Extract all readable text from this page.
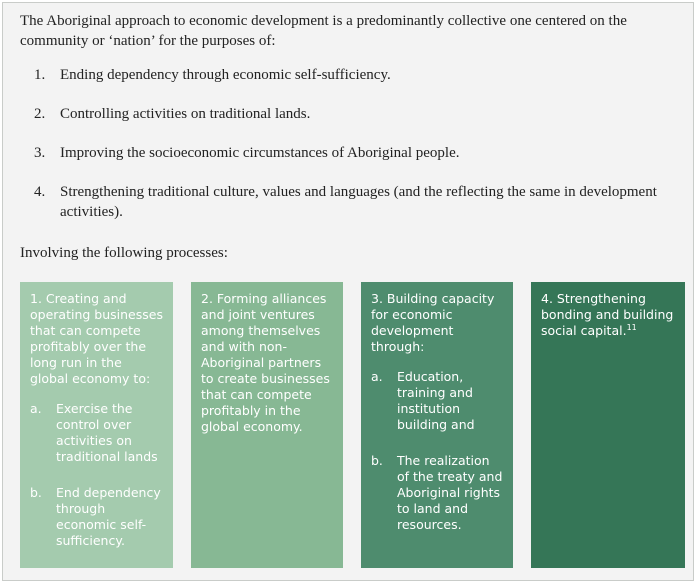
The Aboriginal approach to economic development is a predominantly collective one centered on the community or ‘nation’ for the purposes of:

1. Ending dependency through economic self-sufficiency.
2. Controlling activities on traditional lands.
3. Improving the socioeconomic circumstances of Aboriginal people.
4. Strengthening traditional culture, values and languages (and the reflecting the same in development activities).

Involving the following processes:

1. Creating and operating businesses that can compete profitably over the long run in the global economy to:

a. Exercise the control over activities on traditional lands
b. End dependency through economic self-sufficiency.

2. Forming alliances and joint ventures among themselves and with non-Aboriginal partners to create businesses that can compete profitably in the global economy.

3. Building capacity for economic development through:

a. Education, training and institution building and
b. The realization of the treaty and Aboriginal rights to land and resources.

4. Strengthening bonding and building social capital.$^{11}$
